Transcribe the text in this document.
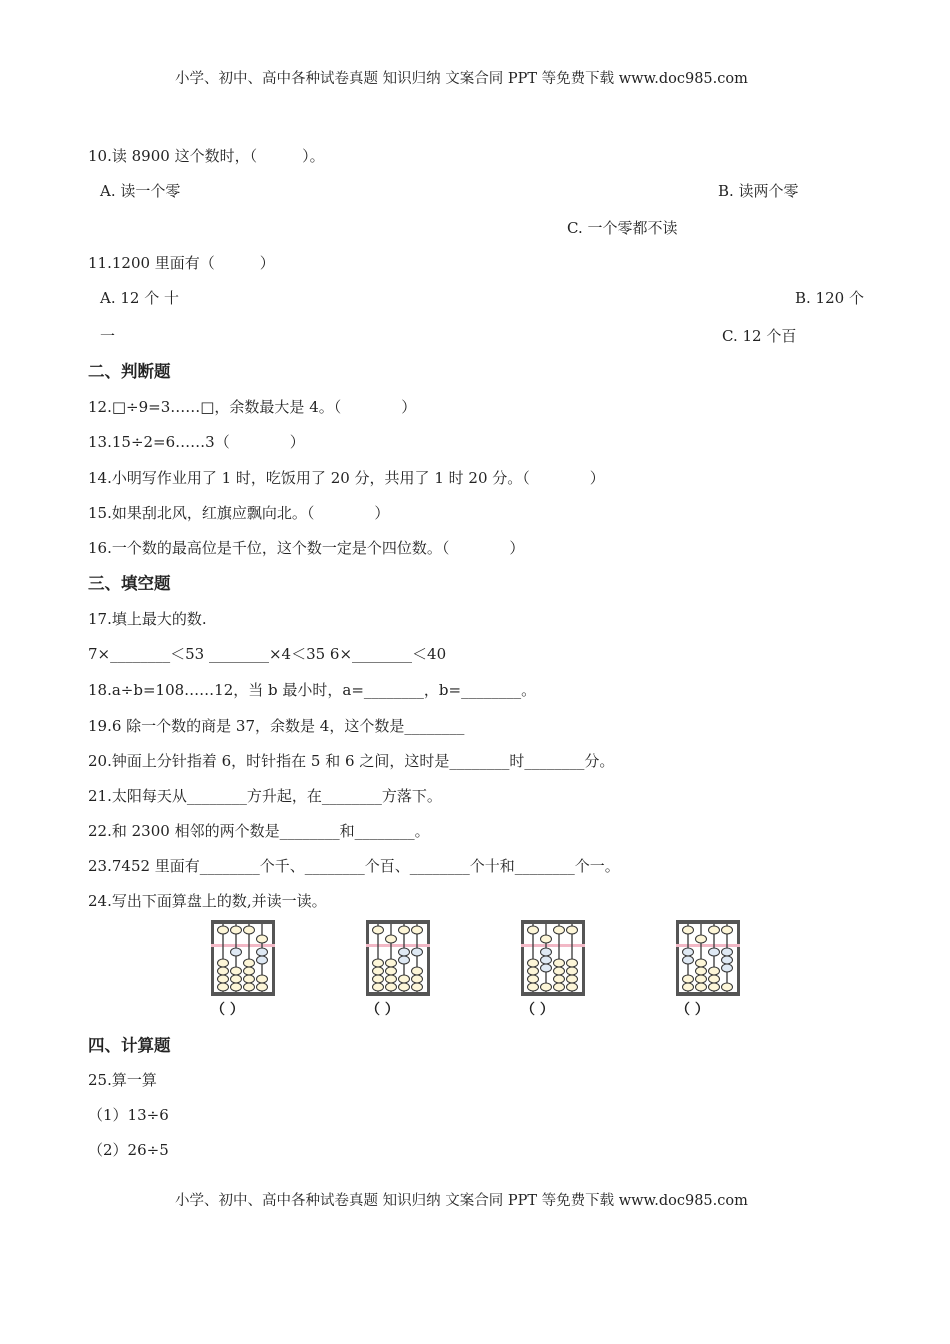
小学、初中、高中各种试卷真题 知识归纳 文案合同 PPT 等免费下载 www.doc985.com
10.读 8900 这个数时，（　　　）。
A. 读一个零	B. 读两个零
C. 一个零都不读
11.1200 里面有（　　　）
A. 12 个 十	B. 120 个
一	C. 12 个百
二、判断题
12.□÷9=3……□，余数最大是 4。（　　　　）
13.15÷2=6……3（　　　　）
14.小明写作业用了 1 时，吃饭用了 20 分，共用了 1 时 20 分。（　　　　）
15.如果刮北风，红旗应飘向北。（　　　　）
16.一个数的最高位是千位，这个数一定是个四位数。（　　　　）
三、填空题
17.填上最大的数.
7×________＜53 ________×4＜35 6×________＜40
18.a÷b=108……12，当 b 最小时，a=________，b=________。
19.6 除一个数的商是 37，余数是 4，这个数是________
20.钟面上分针指着 6，时针指在 5 和 6 之间，这时是________时________分。
21.太阳每天从________方升起，在________方落下。
22.和 2300 相邻的两个数是________和________。
23.7452 里面有________个千、________个百、________个十和________个一。
24.写出下面算盘上的数,并读一读。
（ ）	（ ）	（ ）	（ ）
四、计算题
25.算一算
（1）13÷6
（2）26÷5
小学、初中、高中各种试卷真题 知识归纳 文案合同 PPT 等免费下载 www.doc985.com
